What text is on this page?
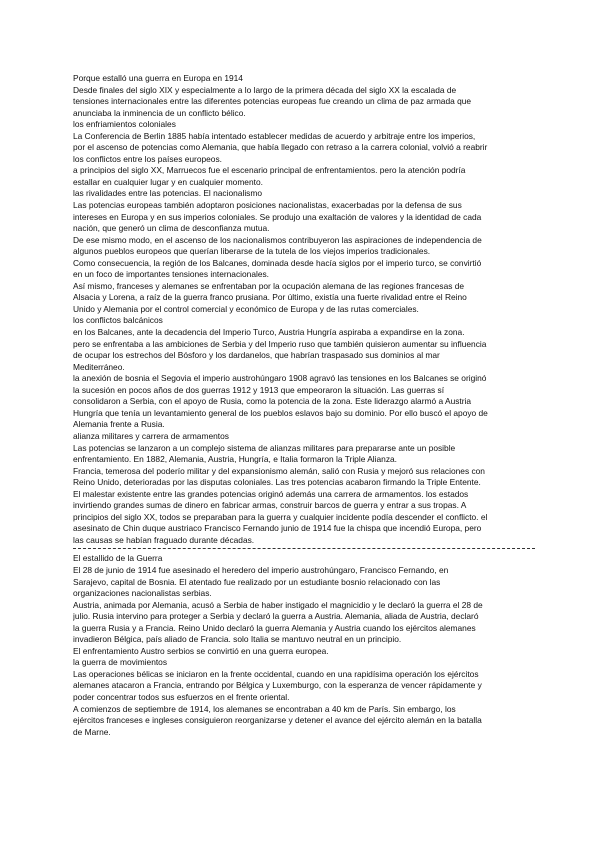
Porque estalló una guerra en Europa en 1914
Desde finales del siglo XIX y especialmente a lo largo de la primera década del siglo XX la escalada de
tensiones internacionales entre las diferentes potencias europeas fue creando un clima de paz armada que
anunciaba la inminencia de un conflicto bélico.
los enfriamientos coloniales
La Conferencia de Berlin 1885 había intentado establecer medidas de acuerdo y arbitraje entre los imperios,
por el ascenso de potencias como Alemania, que había llegado con retraso a la carrera colonial, volvió a reabrir
los conflictos entre los países europeos.
a principios del siglo XX, Marruecos fue el escenario principal de enfrentamientos. pero la atención podría
estallar en cualquier lugar y en cualquier momento.
las rivalidades entre las potencias. El nacionalismo
Las potencias europeas también adoptaron posiciones nacionalistas, exacerbadas por la defensa de sus
intereses en Europa y en sus imperios coloniales. Se produjo una exaltación de valores y la identidad de cada
nación, que generó un clima de desconfianza mutua.
De ese mismo modo, en el ascenso de los nacionalismos contribuyeron las aspiraciones de independencia de
algunos pueblos europeos que querían liberarse de la tutela de los viejos imperios tradicionales.
Como consecuencia, la región de los Balcanes, dominada desde hacía siglos por el imperio turco, se convirtió
en un foco de importantes tensiones internacionales.
Así mismo, franceses y alemanes se enfrentaban por la ocupación alemana de las regiones francesas de
Alsacia y Lorena, a raíz de la guerra franco prusiana. Por último, existía una fuerte rivalidad entre el Reino
Unido y Alemania por el control comercial y económico de Europa y de las rutas comerciales.
los conflictos balcánicos
en los Balcanes, ante la decadencia del Imperio Turco, Austria Hungría aspiraba a expandirse en la zona.
pero se enfrentaba a las ambiciones de Serbia y del Imperio ruso que también quisieron aumentar su influencia
de ocupar los estrechos del Bósforo y los dardanelos, que habrían traspasado sus dominios al mar
Mediterráneo.
la anexión de bosnia el Segovia el imperio austrohúngaro 1908 agravó las tensiones en los Balcanes se originó
la sucesión en pocos años de dos guerras 1912 y 1913 que empeoraron la situación. Las guerras sí
consolidaron a Serbia, con el apoyo de Rusia, como la potencia de la zona. Este liderazgo alarmó a Austria
Hungría que tenía un levantamiento general de los pueblos eslavos bajo su dominio. Por ello buscó el apoyo de
Alemania frente a Rusia.
alianza militares y carrera de armamentos
Las potencias se lanzaron a un complejo sistema de alianzas militares para prepararse ante un posible
enfrentamiento. En 1882, Alemania, Austria, Hungría, e Italia formaron la Triple Alianza.
Francia, temerosa del poderío militar y del expansionismo alemán, salió con Rusia y mejoró sus relaciones con
Reino Unido, deterioradas por las disputas coloniales. Las tres potencias acabaron firmando la Triple Entente.
El malestar existente entre las grandes potencias originó además una carrera de armamentos. los estados
invirtiendo grandes sumas de dinero en fabricar armas, construir barcos de guerra y entrar a sus tropas. A
principios del siglo XX, todos se preparaban para la guerra y cualquier incidente podía descender el conflicto. el
asesinato de Chin duque austriaco Francisco Fernando junio de 1914 fue la chispa que incendió Europa, pero
las causas se habían fraguado durante décadas.
El estallido de la Guerra
El 28 de junio de 1914 fue asesinado el heredero del imperio austrohúngaro, Francisco Fernando, en
Sarajevo, capital de Bosnia. El atentado fue realizado por un estudiante bosnio relacionado con las
organizaciones nacionalistas serbias.
Austria, animada por Alemania, acusó a Serbia de haber instigado el magnicidio y le declaró la guerra el 28 de
julio. Rusia intervino para proteger a Serbia y declaró la guerra a Austria. Alemania, aliada de Austria, declaró
la guerra Rusia y a Francia. Reino Unido declaró la guerra Alemania y Austria cuando los ejércitos alemanes
invadieron Bélgica, país aliado de Francia. solo Italia se mantuvo neutral en un principio.
El enfrentamiento Austro serbios se convirtió en una guerra europea.
la guerra de movimientos
Las operaciones bélicas se iniciaron en la frente occidental, cuando en una rapidísima operación los ejércitos
alemanes atacaron a Francia, entrando por Bélgica y Luxemburgo, con la esperanza de vencer rápidamente y
poder concentrar todos sus esfuerzos en el frente oriental.
A comienzos de septiembre de 1914, los alemanes se encontraban a 40 km de París. Sin embargo, los
ejércitos franceses e ingleses consiguieron reorganizarse y detener el avance del ejército alemán en la batalla
de Marne.
